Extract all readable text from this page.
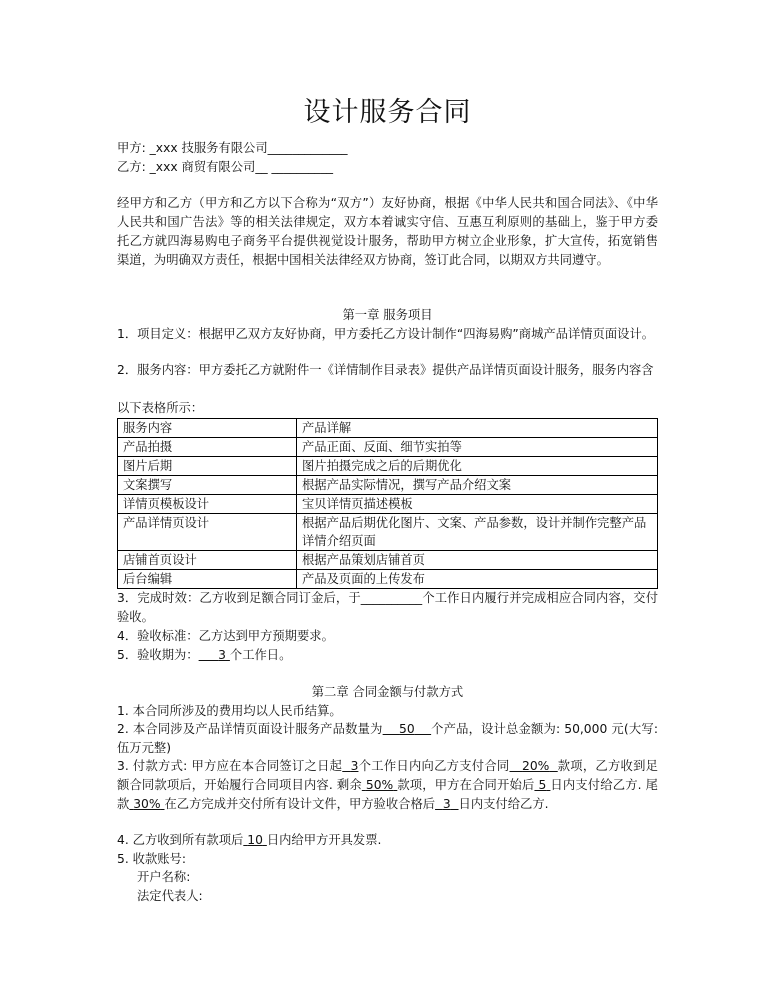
设计服务合同
甲方: _xxx 技服务有限公司_____________
乙方: _xxx 商贸有限公司__ __________
经甲方和乙方（甲方和乙方以下合称为“双方”）友好协商，根据《中华人民共和国合同法》、《中华人民共和国广告法》等的相关法律规定，双方本着诚实守信、互惠互利原则的基础上，鉴于甲方委托乙方就四海易购电子商务平台提供视觉设计服务，帮助甲方树立企业形象，扩大宣传，拓宽销售渠道，为明确双方责任，根据中国相关法律经双方协商，签订此合同，以期双方共同遵守。
第一章 服务项目
1．项目定义：根据甲乙双方友好协商，甲方委托乙方设计制作“四海易购”商城产品详情页面设计。
2．服务内容：甲方委托乙方就附件一《详情制作目录表》提供产品详情页面设计服务，服务内容含
以下表格所示：
服务内容	产品详解
产品拍摄	产品正面、反面、细节实拍等
图片后期	图片拍摄完成之后的后期优化
文案撰写	根据产品实际情况，撰写产品介绍文案
详情页模板设计	宝贝详情页描述模板
产品详情页设计	根据产品后期优化图片、文案、产品参数，设计并制作完整产品详情介绍页面
店铺首页设计	根据产品策划店铺首页
后台编辑	产品及页面的上传发布
3．完成时效：乙方收到足额合同订金后，于__________个工作日内履行并完成相应合同内容，交付验收。
4．验收标准：乙方达到甲方预期要求。
5．验收期为： 3 个工作日。
第二章 合同金额与付款方式
1. 本合同所涉及的费用均以人民币结算。
2. 本合同涉及产品详情页面设计服务产品数量为 50 个产品，设计总金额为: 50,000 元(大写: 伍万元整)
3. 付款方式: 甲方应在本合同签订之日起 3个工作日内向乙方支付合同 20% 款项，乙方收到足额合同款项后，开始履行合同项目内容. 剩余 50% 款项，甲方在合同开始后 5 日内支付给乙方. 尾款 30% 在乙方完成并交付所有设计文件，甲方验收合格后 3 日内支付给乙方.
4. 乙方收到所有款项后 10 日内给甲方开具发票.
5. 收款账号:
开户名称:
法定代表人:
